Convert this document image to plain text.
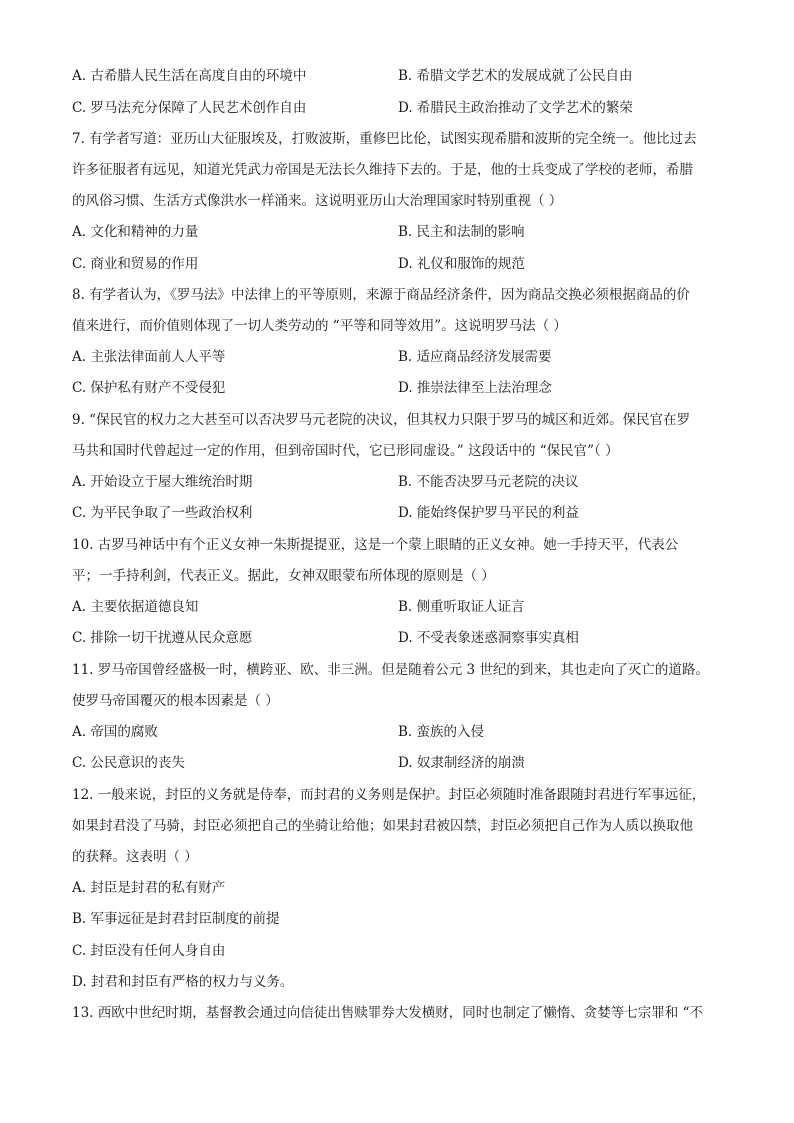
A. 古希腊人民生活在高度自由的环境中	B. 希腊文学艺术的发展成就了公民自由
C. 罗马法充分保障了人民艺术创作自由	D. 希腊民主政治推动了文学艺术的繁荣
7. 有学者写道：亚历山大征服埃及，打败波斯，重修巴比伦，试图实现希腊和波斯的完全统一。他比过去
许多征服者有远见，知道光凭武力帝国是无法长久维持下去的。于是，他的士兵变成了学校的老师，希腊
的风俗习惯、生活方式像洪水一样涌来。这说明亚历山大治理国家时特别重视（ ）
A. 文化和精神的力量	B. 民主和法制的影响
C. 商业和贸易的作用	D. 礼仪和服饰的规范
8. 有学者认为，《罗马法》中法律上的平等原则，来源于商品经济条件，因为商品交换必须根据商品的价
值来进行，而价值则体现了一切人类劳动的 “平等和同等效用”。这说明罗马法（ ）
A. 主张法律面前人人平等	B. 适应商品经济发展需要
C. 保护私有财产不受侵犯	D. 推崇法律至上法治理念
9. “保民官的权力之大甚至可以否决罗马元老院的决议，但其权力只限于罗马的城区和近郊。保民官在罗
马共和国时代曾起过一定的作用，但到帝国时代，它已形同虚设。” 这段话中的 “保民官”（ ）
A. 开始设立于屋大维统治时期	B. 不能否决罗马元老院的决议
C. 为平民争取了一些政治权利	D. 能始终保护罗马平民的利益
10. 古罗马神话中有个正义女神一朱斯提提亚，这是一个蒙上眼睛的正义女神。她一手持天平，代表公
平；一手持利剑，代表正义。据此，女神双眼蒙布所体现的原则是（ ）
A. 主要依据道德良知	B. 侧重听取证人证言
C. 排除一切干扰遵从民众意愿	D. 不受表象迷惑洞察事实真相
11. 罗马帝国曾经盛极一时，横跨亚、欧、非三洲。但是随着公元 3 世纪的到来，其也走向了灭亡的道路。
使罗马帝国覆灭的根本因素是（ ）
A. 帝国的腐败	B. 蛮族的入侵
C. 公民意识的丧失	D. 奴隶制经济的崩溃
12. 一般来说，封臣的义务就是侍奉，而封君的义务则是保护。封臣必须随时准备跟随封君进行军事远征，
如果封君没了马骑，封臣必须把自己的坐骑让给他；如果封君被囚禁，封臣必须把自己作为人质以换取他
的获释。这表明（ ）
A. 封臣是封君的私有财产
B. 军事远征是封君封臣制度的前提
C. 封臣没有任何人身自由
D. 封君和封臣有严格的权力与义务。
13. 西欧中世纪时期，基督教会通过向信徒出售赎罪券大发横财，同时也制定了懒惰、贪婪等七宗罪和 “不
